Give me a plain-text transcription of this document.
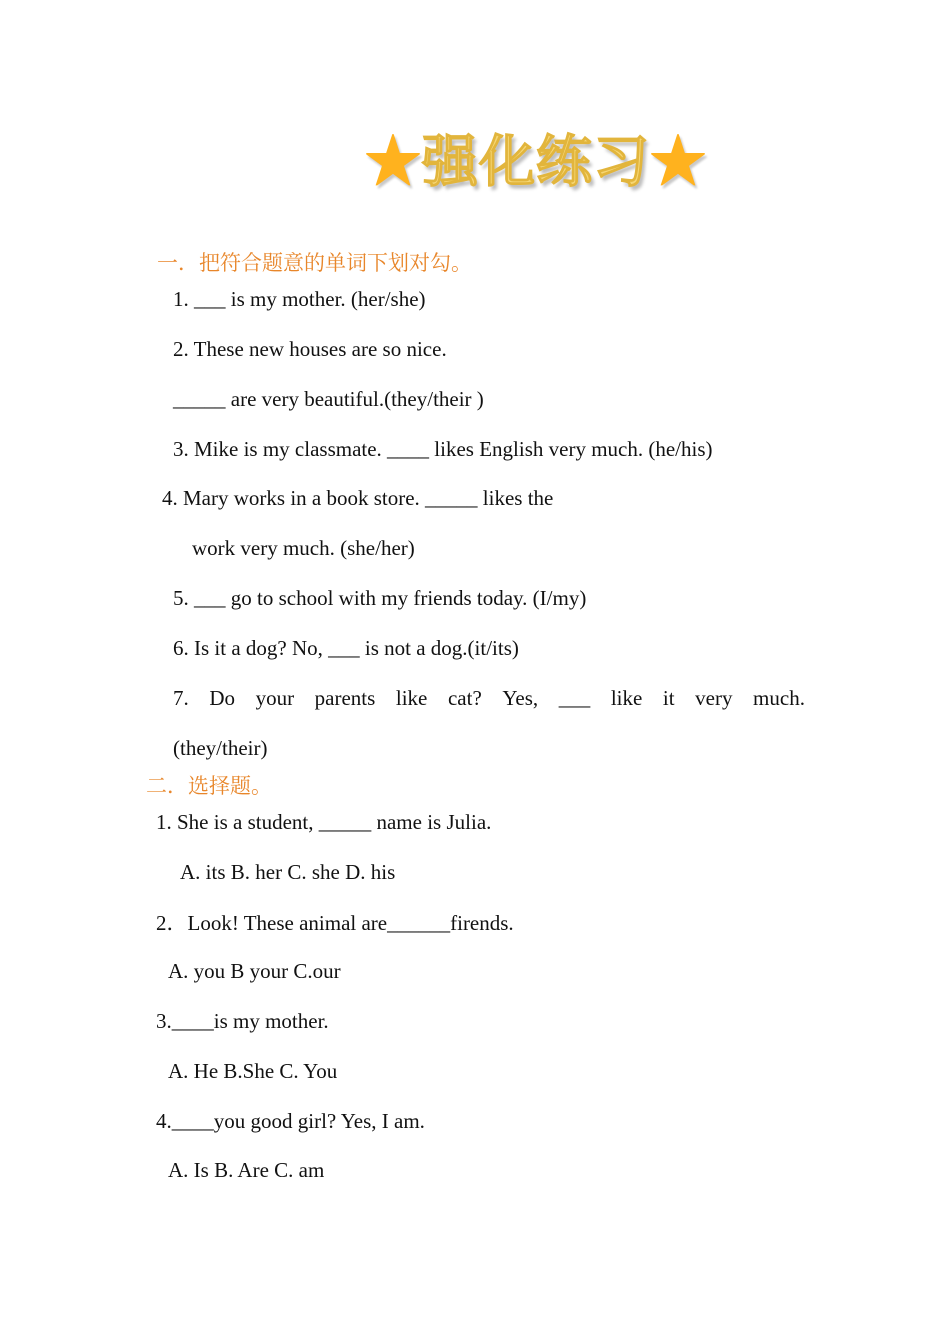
★强化练习★
一．把符合题意的单词下划对勾。
1. ___ is my mother. (her/she)
2. These new houses are so nice.
_____ are very beautiful.(they/their )
3. Mike is my classmate. ____ likes English very much. (he/his)
4. Mary works in a book store. _____ likes the
work very much. (she/her)
5. ___ go to school with my friends today. (I/my)
6. Is it a dog? No, ___ is not a dog.(it/its)
7. Do your parents like cat? Yes, ___ like it very much.
(they/their)
二．选择题。
1. She is a student, _____ name is Julia.
A. its B. her C. she D. his
2．Look! These animal are______firends.
A. you B your C.our
3.____is my mother.
A. He B.She C. You
4.____you good girl? Yes, I am.
A. Is B. Are C. am
